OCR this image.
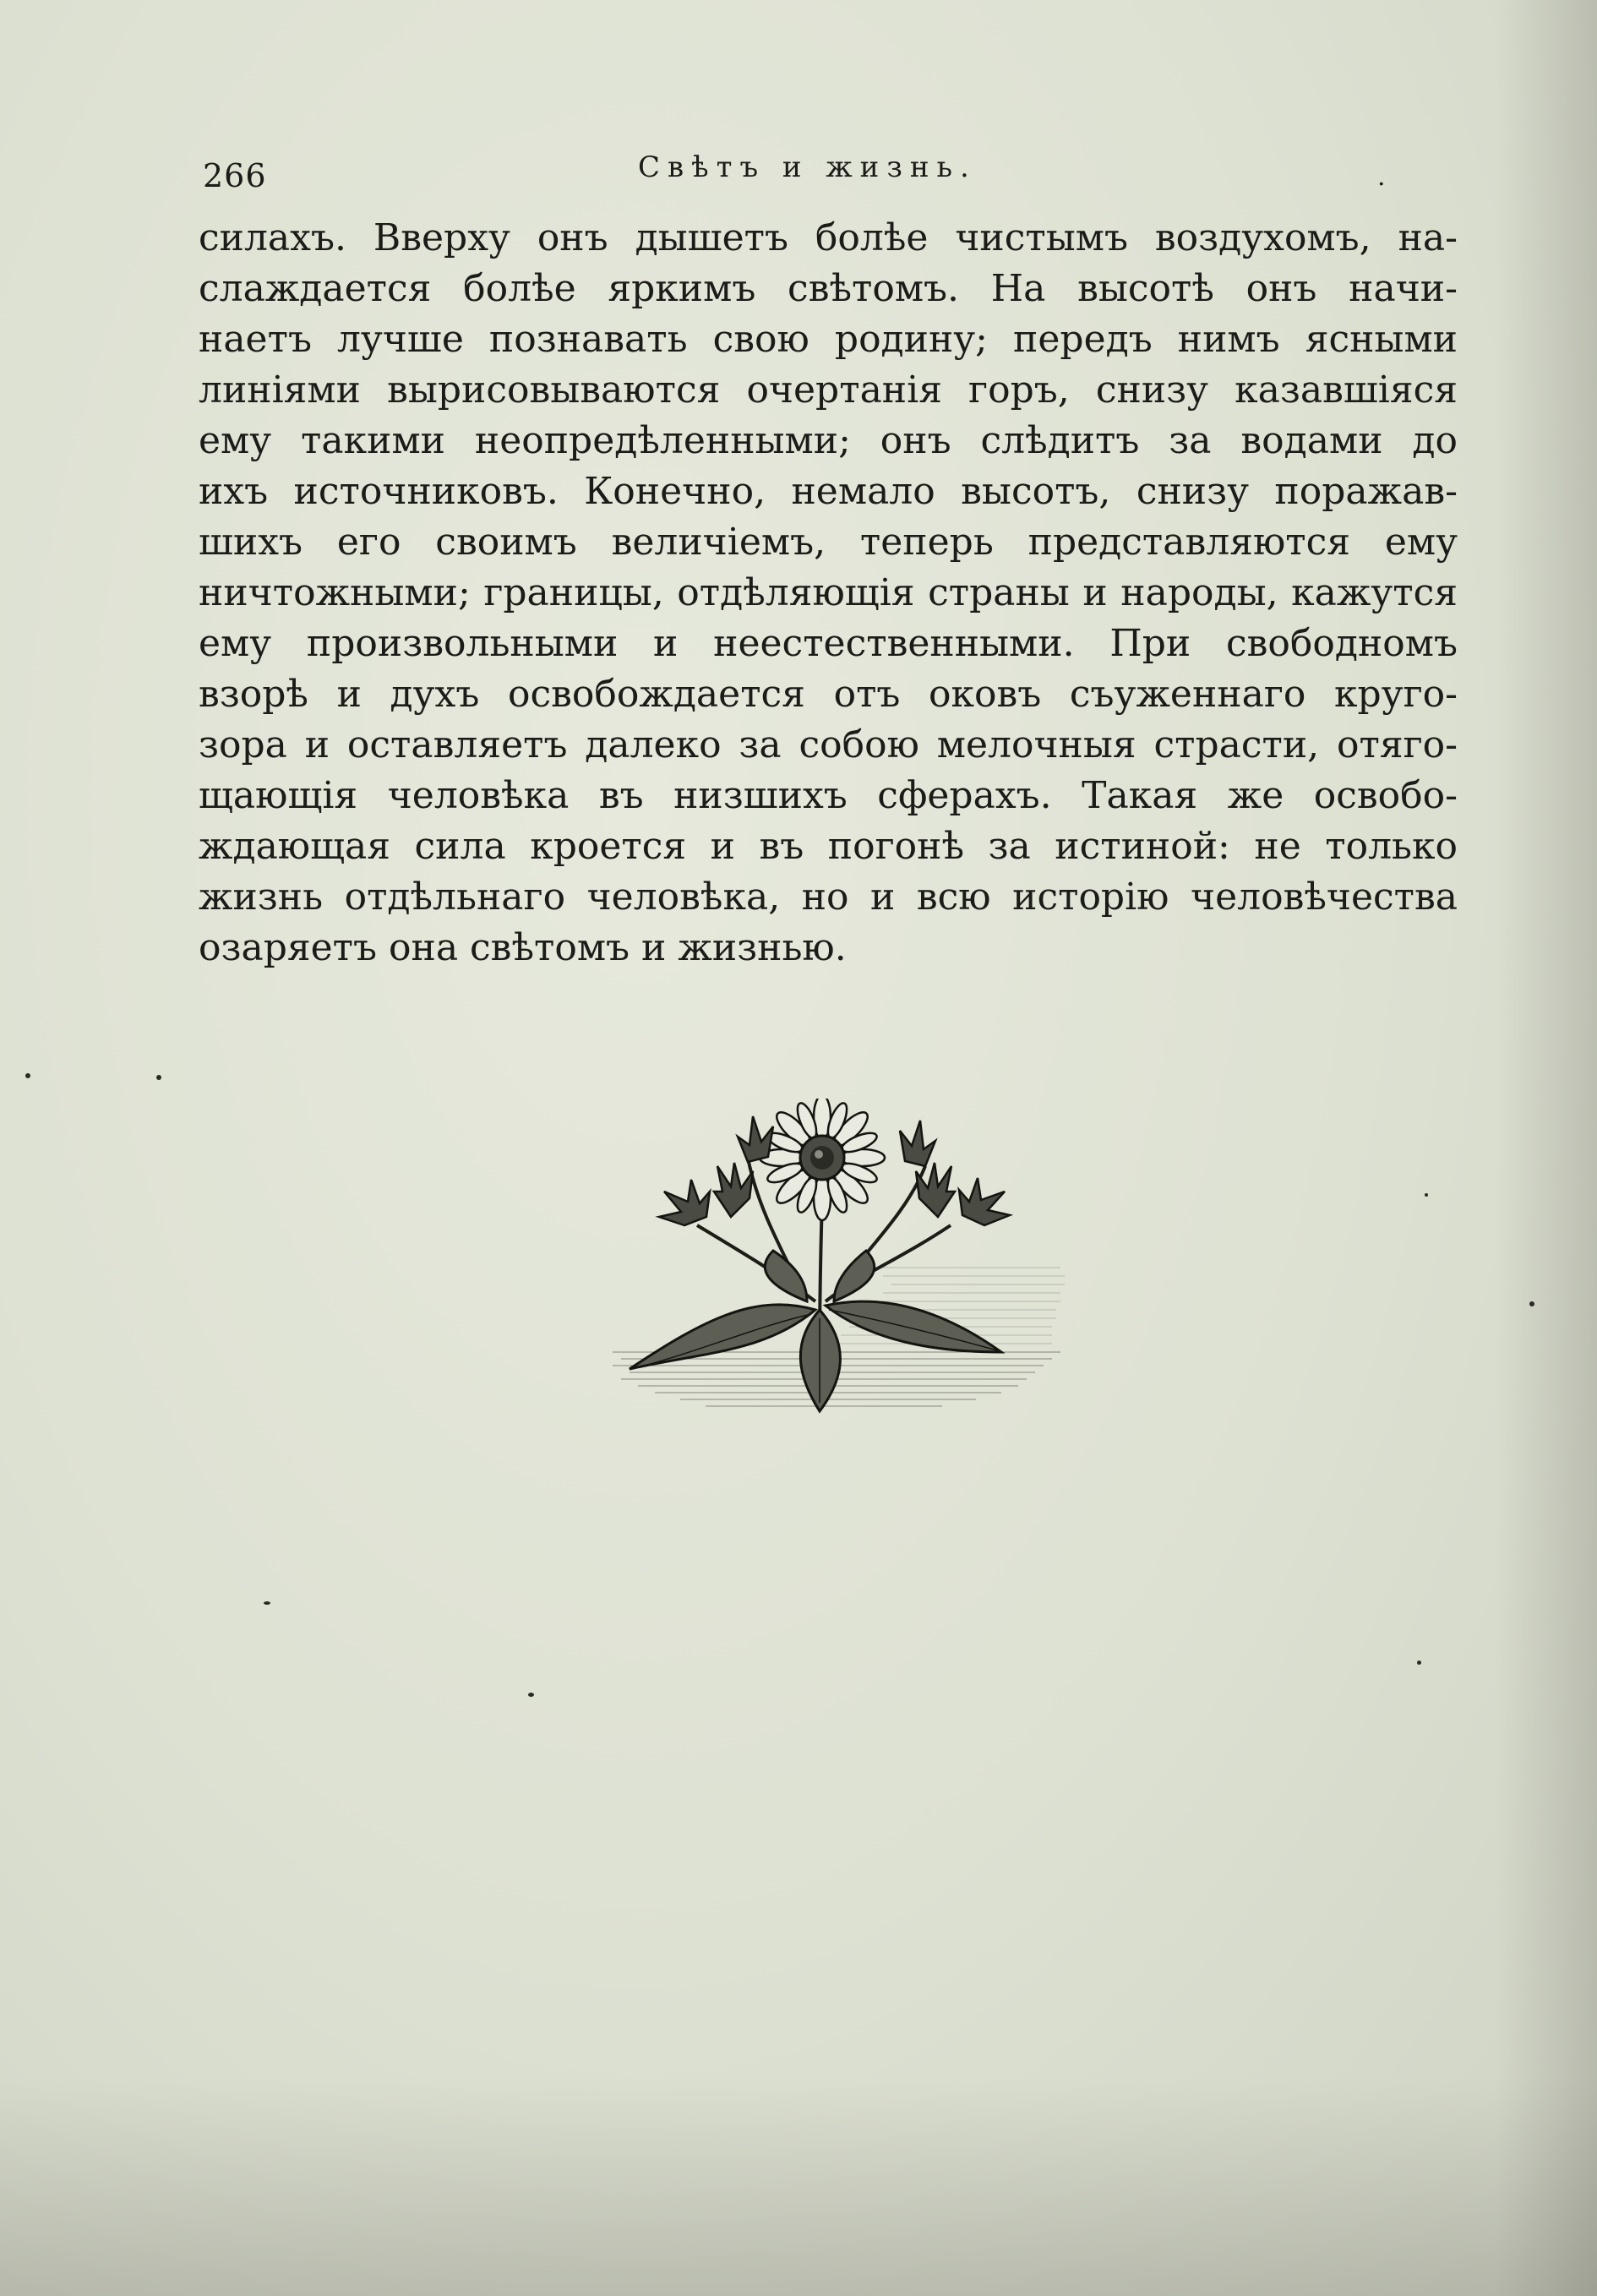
266	Свѣтъ и жизнь.	.
силахъ. Вверху онъ дышетъ болѣе чистымъ воздухомъ, на-
слаждается болѣе яркимъ свѣтомъ. На высотѣ онъ начи-
наетъ лучше познавать свою родину; передъ нимъ ясными
линіями вырисовываются очертанія горъ, снизу казавшіяся
ему такими неопредѣленными; онъ слѣдитъ за водами до
ихъ источниковъ. Конечно, немало высотъ, снизу поражав-
шихъ его своимъ величіемъ, теперь представляются ему
ничтожными; границы, отдѣляющія страны и народы, кажутся
ему произвольными и неестественными. При свободномъ
взорѣ и духъ освобождается отъ оковъ съуженнаго круго-
зора и оставляетъ далеко за собою мелочныя страсти, отяго-
щающія человѣка въ низшихъ сферахъ. Такая же освобо-
ждающая сила кроется и въ погонѣ за истиной: не только
жизнь отдѣльнаго человѣка, но и всю исторію человѣчества
озаряетъ она свѣтомъ и жизнью.
